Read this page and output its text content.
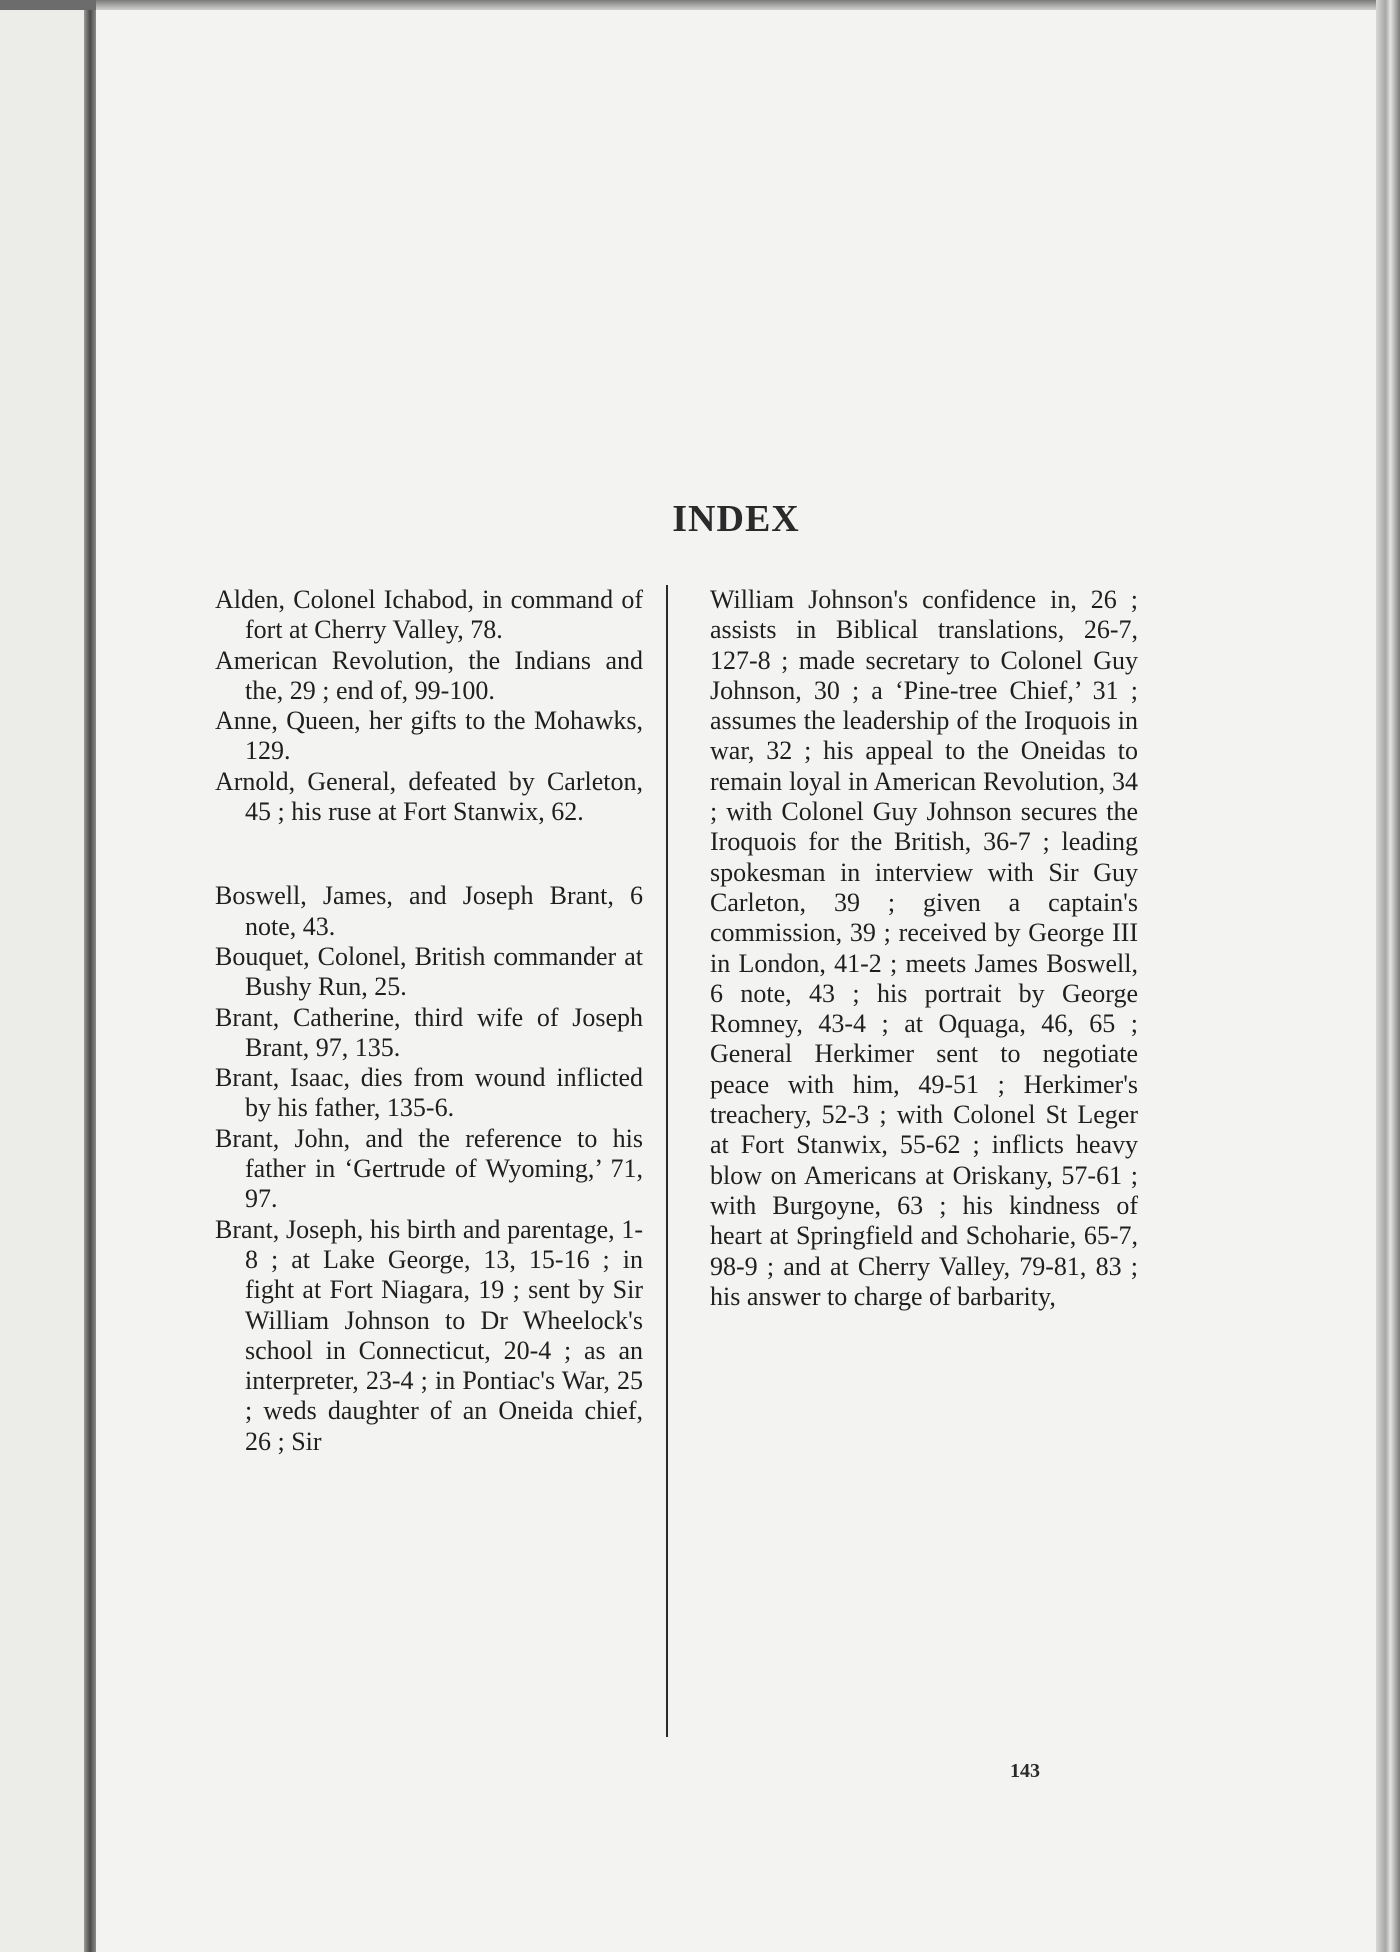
INDEX
Alden, Colonel Ichabod, in command of fort at Cherry Valley, 78.
American Revolution, the Indians and the, 29 ; end of, 99-100.
Anne, Queen, her gifts to the Mohawks, 129.
Arnold, General, defeated by Carleton, 45 ; his ruse at Fort Stanwix, 62.
Boswell, James, and Joseph Brant, 6 note, 43.
Bouquet, Colonel, British commander at Bushy Run, 25.
Brant, Catherine, third wife of Joseph Brant, 97, 135.
Brant, Isaac, dies from wound inflicted by his father, 135-6.
Brant, John, and the reference to his father in ‘Gertrude of Wyoming,’ 71, 97.
Brant, Joseph, his birth and parentage, 1-8 ; at Lake George, 13, 15-16 ; in fight at Fort Niagara, 19 ; sent by Sir William Johnson to Dr Wheelock's school in Connecticut, 20-4 ; as an interpreter, 23-4 ; in Pontiac's War, 25 ; weds daughter of an Oneida chief, 26 ; Sir
William Johnson's confidence in, 26 ; assists in Biblical translations, 26-7, 127-8 ; made secretary to Colonel Guy Johnson, 30 ; a ‘Pine-tree Chief,’ 31 ; assumes the leadership of the Iroquois in war, 32 ; his appeal to the Oneidas to remain loyal in American Revolution, 34 ; with Colonel Guy Johnson secures the Iroquois for the British, 36-7 ; leading spokesman in interview with Sir Guy Carleton, 39 ; given a captain's commission, 39 ; received by George III in London, 41-2 ; meets James Boswell, 6 note, 43 ; his portrait by George Romney, 43-4 ; at Oquaga, 46, 65 ; General Herkimer sent to negotiate peace with him, 49-51 ; Herkimer's treachery, 52-3 ; with Colonel St Leger at Fort Stanwix, 55-62 ; inflicts heavy blow on Americans at Oriskany, 57-61 ; with Burgoyne, 63 ; his kindness of heart at Springfield and Schoharie, 65-7, 98-9 ; and at Cherry Valley, 79-81, 83 ; his answer to charge of barbarity,
143
